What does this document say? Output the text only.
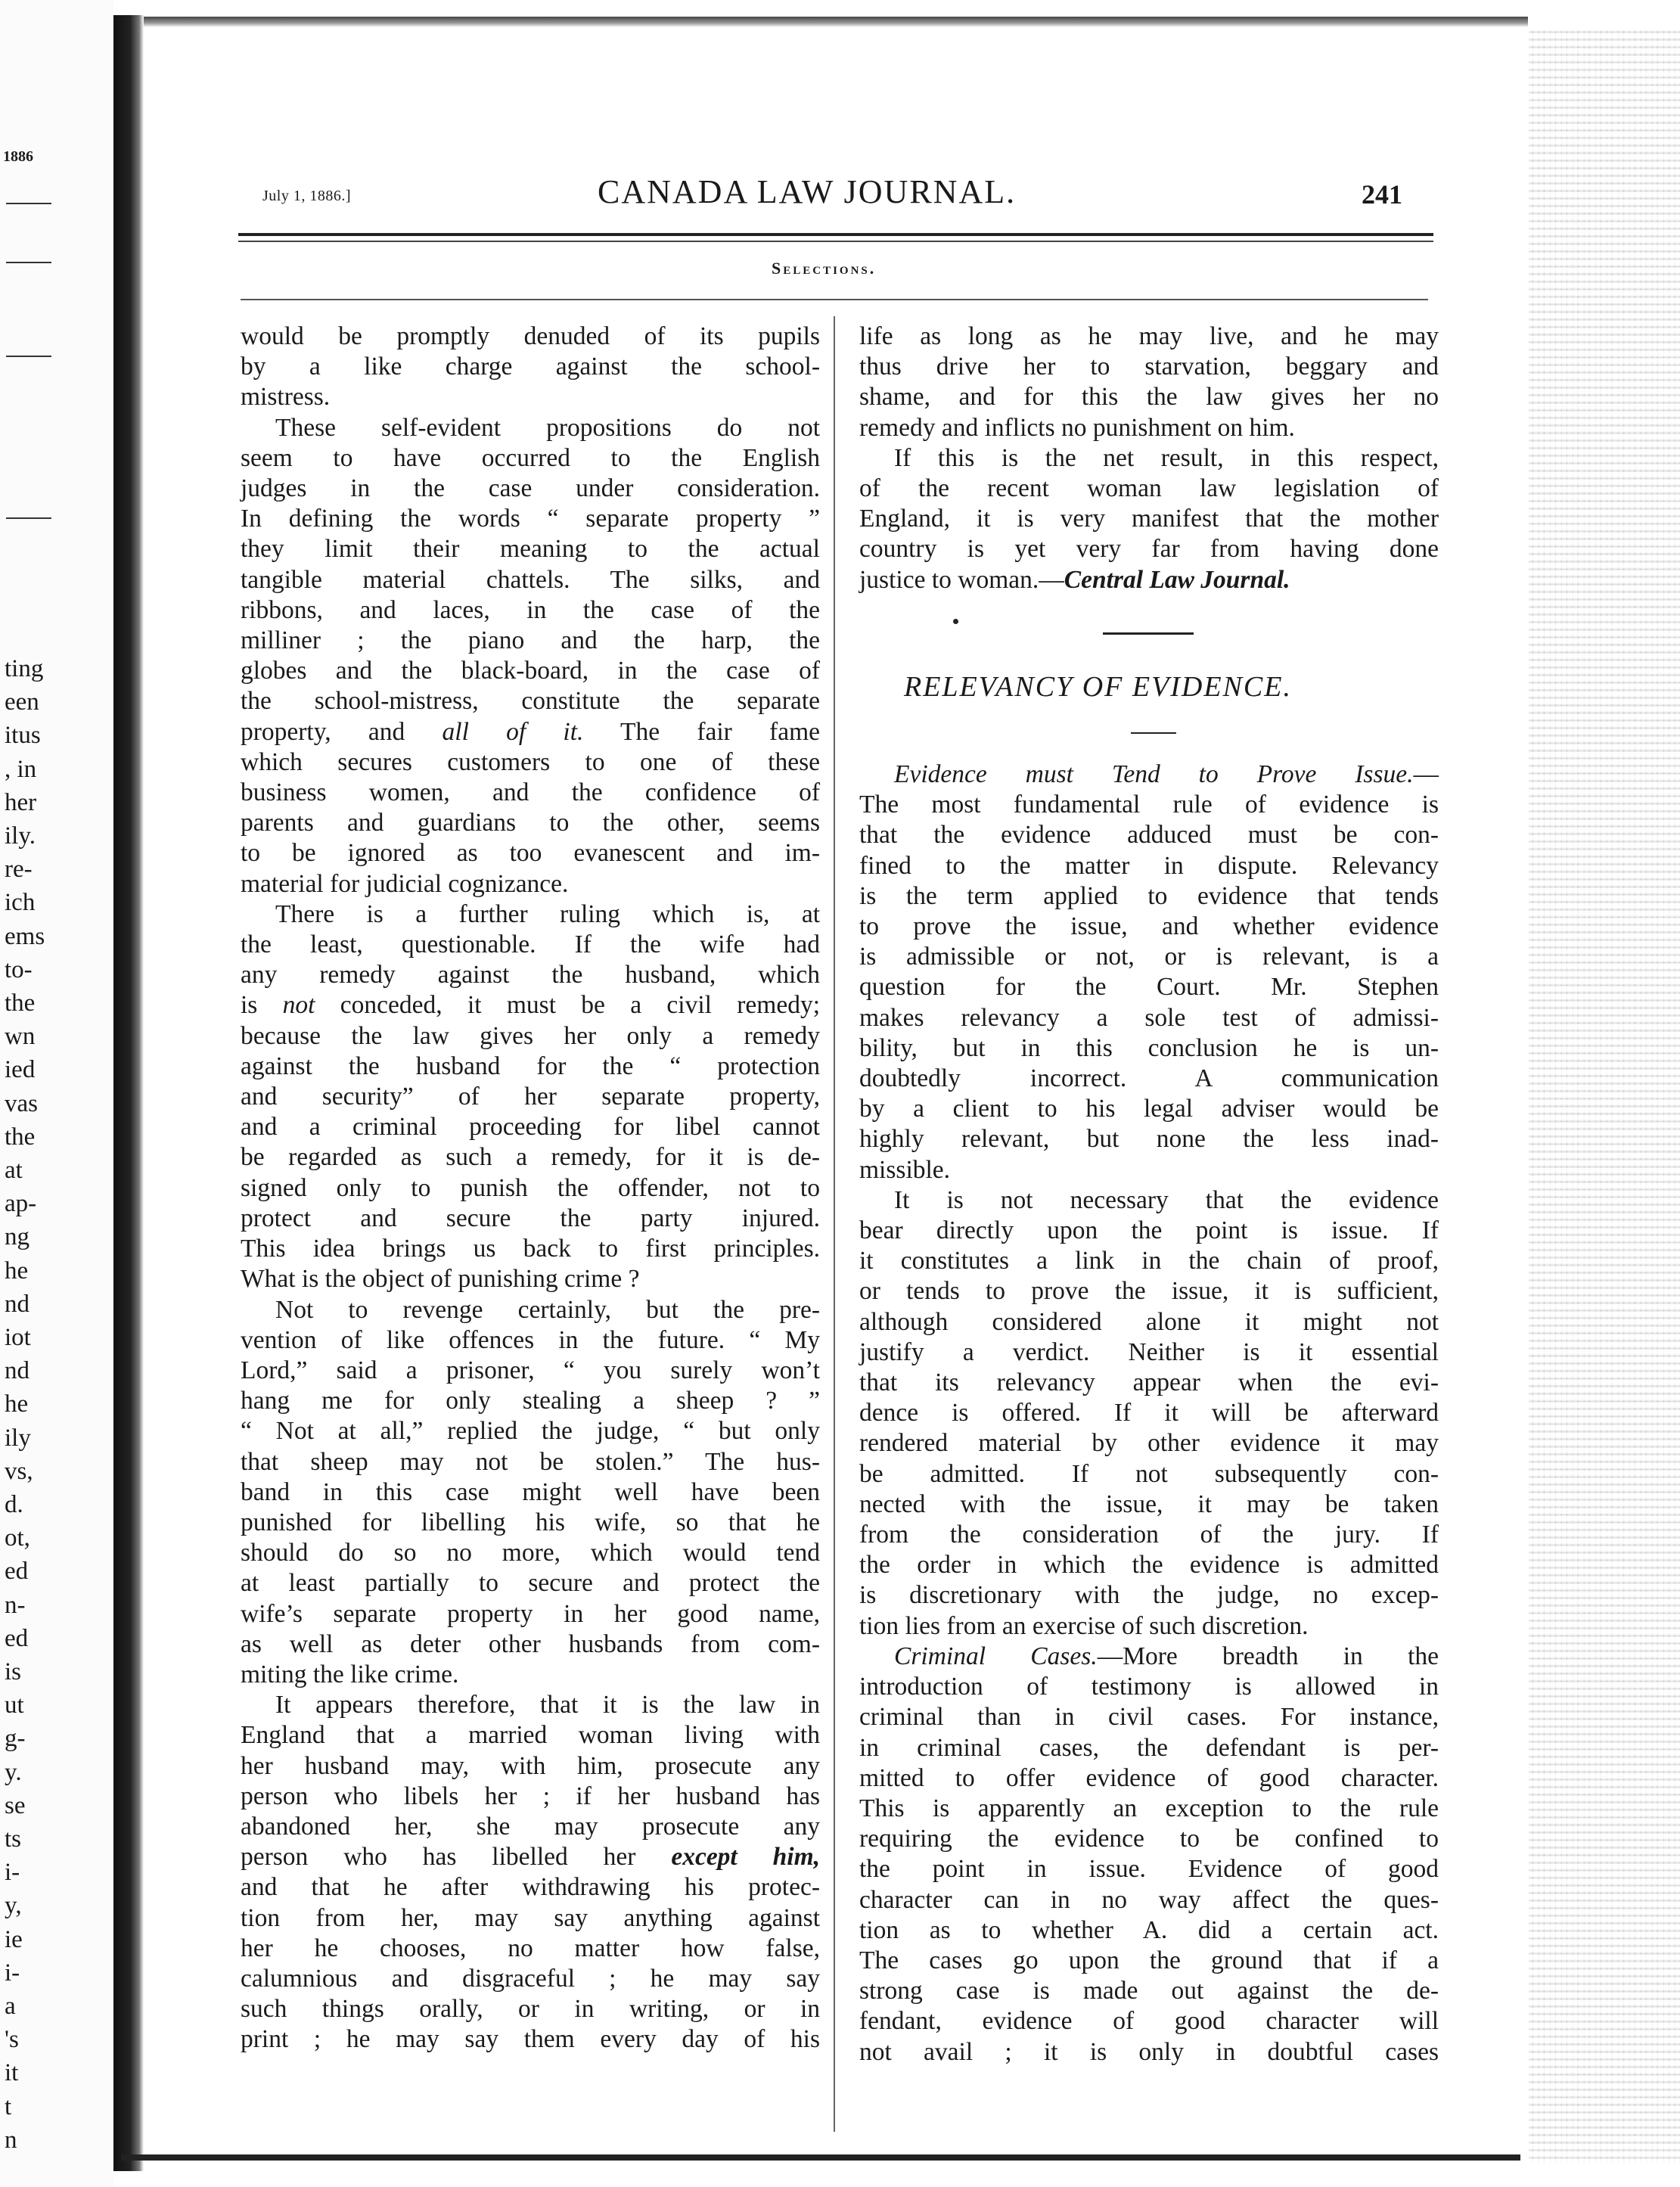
1886
ting
een
itus
, in
her
ily.
re-
ich
ems
to-
the
wn
ied
vas
the
at
ap-
ng
he
nd
iot
nd
he
ily
vs,
d.
ot,
ed
n-
ed
is
ut
g-
y.
se
ts
i-
y,
ie
i-
a
's
it
t
n
July 1, 1886.]	CANADA LAW JOURNAL.	241
Selections.
would be promptly denuded of its pupils
by a like charge against the school-
mistress.
These self-evident propositions do not
seem to have occurred to the English
judges in the case under consideration.
In defining the words “ separate property ”
they limit their meaning to the actual
tangible material chattels. The silks, and
ribbons, and laces, in the case of the
milliner ; the piano and the harp, the
globes and the black-board, in the case of
the school-mistress, constitute the separate
property, and all of it. The fair fame
which secures customers to one of these
business women, and the confidence of
parents and guardians to the other, seems
to be ignored as too evanescent and im-
material for judicial cognizance.
There is a further ruling which is, at
the least, questionable. If the wife had
any remedy against the husband, which
is not conceded, it must be a civil remedy;
because the law gives her only a remedy
against the husband for the “ protection
and security” of her separate property,
and a criminal proceeding for libel cannot
be regarded as such a remedy, for it is de-
signed only to punish the offender, not to
protect and secure the party injured.
This idea brings us back to first principles.
What is the object of punishing crime ?
Not to revenge certainly, but the pre-
vention of like offences in the future. “ My
Lord,” said a prisoner, “ you surely won’t
hang me for only stealing a sheep ? ”
“ Not at all,” replied the judge, “ but only
that sheep may not be stolen.” The hus-
band in this case might well have been
punished for libelling his wife, so that he
should do so no more, which would tend
at least partially to secure and protect the
wife’s separate property in her good name,
as well as deter other husbands from com-
miting the like crime.
It appears therefore, that it is the law in
England that a married woman living with
her husband may, with him, prosecute any
person who libels her ; if her husband has
abandoned her, she may prosecute any
person who has libelled her except him,
and that he after withdrawing his protec-
tion from her, may say anything against
her he chooses, no matter how false,
calumnious and disgraceful ; he may say
such things orally, or in writing, or in
print ; he may say them every day of his
life as long as he may live, and he may
thus drive her to starvation, beggary and
shame, and for this the law gives her no
remedy and inflicts no punishment on him.
If this is the net result, in this respect,
of the recent woman law legislation of
England, it is very manifest that the mother
country is yet very far from having done
justice to woman.—Central Law Journal.
RELEVANCY OF EVIDENCE.
Evidence must Tend to Prove Issue.—
The most fundamental rule of evidence is
that the evidence adduced must be con-
fined to the matter in dispute. Relevancy
is the term applied to evidence that tends
to prove the issue, and whether evidence
is admissible or not, or is relevant, is a
question for the Court. Mr. Stephen
makes relevancy a sole test of admissi-
bility, but in this conclusion he is un-
doubtedly incorrect. A communication
by a client to his legal adviser would be
highly relevant, but none the less inad-
missible.
It is not necessary that the evidence
bear directly upon the point is issue. If
it constitutes a link in the chain of proof,
or tends to prove the issue, it is sufficient,
although considered alone it might not
justify a verdict. Neither is it essential
that its relevancy appear when the evi-
dence is offered. If it will be afterward
rendered material by other evidence it may
be admitted. If not subsequently con-
nected with the issue, it may be taken
from the consideration of the jury. If
the order in which the evidence is admitted
is discretionary with the judge, no excep-
tion lies from an exercise of such discretion.
Criminal Cases.—More breadth in the
introduction of testimony is allowed in
criminal than in civil cases. For instance,
in criminal cases, the defendant is per-
mitted to offer evidence of good character.
This is apparently an exception to the rule
requiring the evidence to be confined to
the point in issue. Evidence of good
character can in no way affect the ques-
tion as to whether A. did a certain act.
The cases go upon the ground that if a
strong case is made out against the de-
fendant, evidence of good character will
not avail ; it is only in doubtful cases
